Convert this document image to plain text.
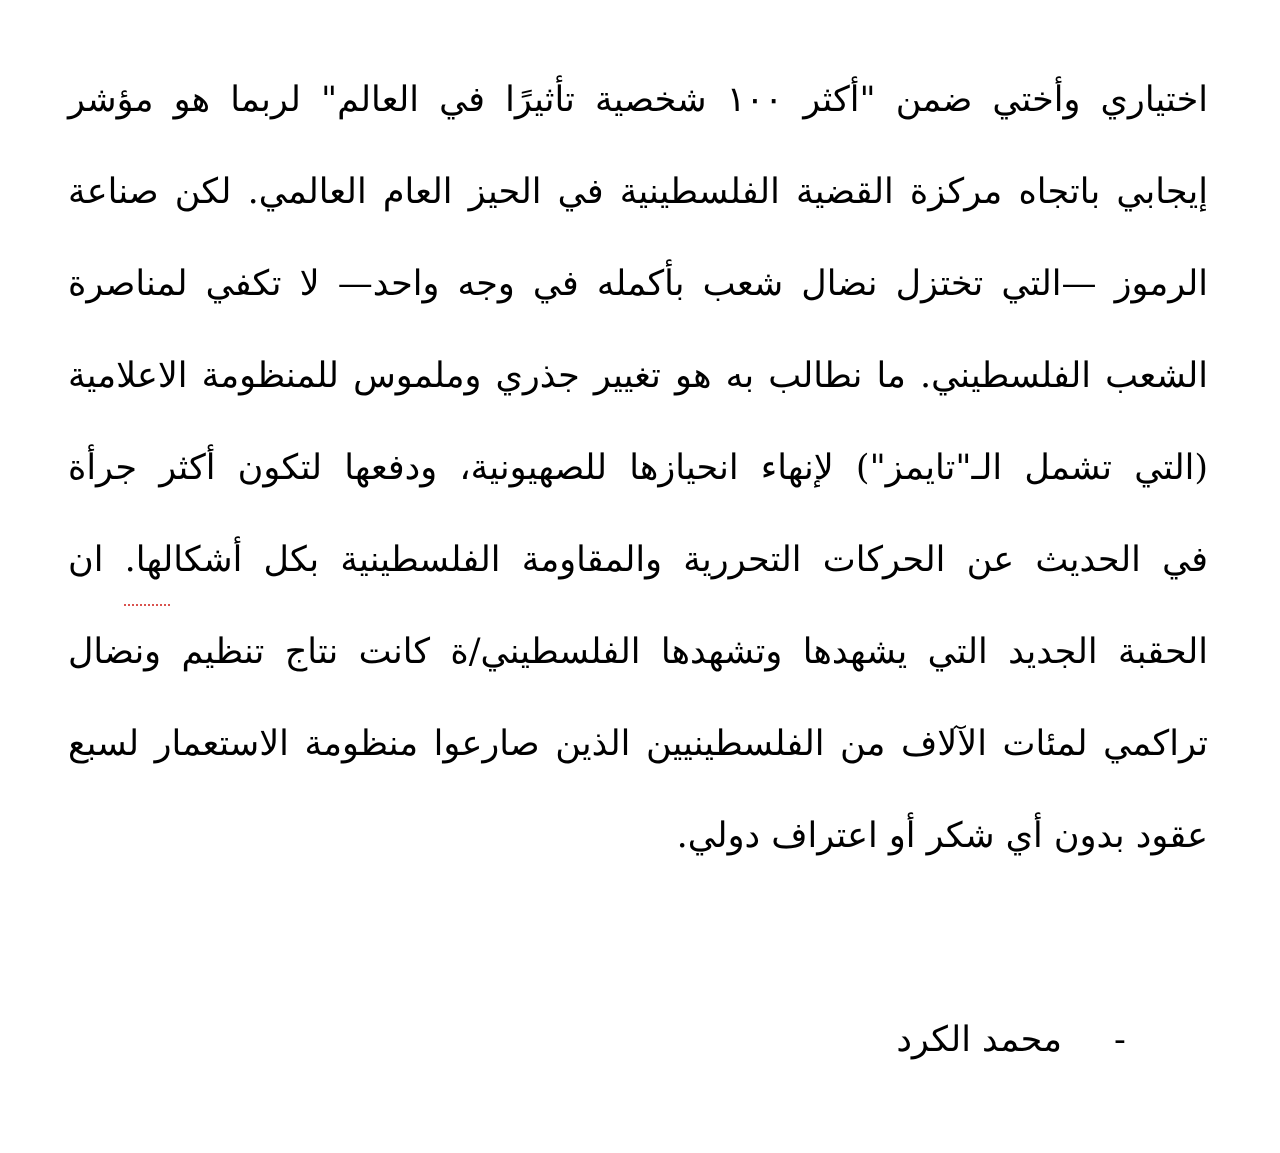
اختياري وأختي ضمن "أكثر ١٠٠ شخصية تأثيرًا في العالم" لربما هو مؤشر
إيجابي باتجاه مركزة القضية الفلسطينية في الحيز العام العالمي. لكن صناعة
الرموز —التي تختزل نضال شعب بأكمله في وجه واحد— لا تكفي لمناصرة
الشعب الفلسطيني. ما نطالب به هو تغيير جذري وملموس للمنظومة الاعلامية
(التي تشمل الـ"تايمز") لإنهاء انحيازها للصهيونية، ودفعها لتكون أكثر جرأة
في الحديث عن الحركات التحررية والمقاومة الفلسطينية بكل أشكالها. ان
الحقبة الجديد التي يشهدها وتشهدها الفلسطيني/ة كانت نتاج تنظيم ونضال
تراكمي لمئات الآلاف من الفلسطينيين الذين صارعوا منظومة الاستعمار لسبع
عقود بدون أي شكر أو اعتراف دولي.
-
محمد الكرد
